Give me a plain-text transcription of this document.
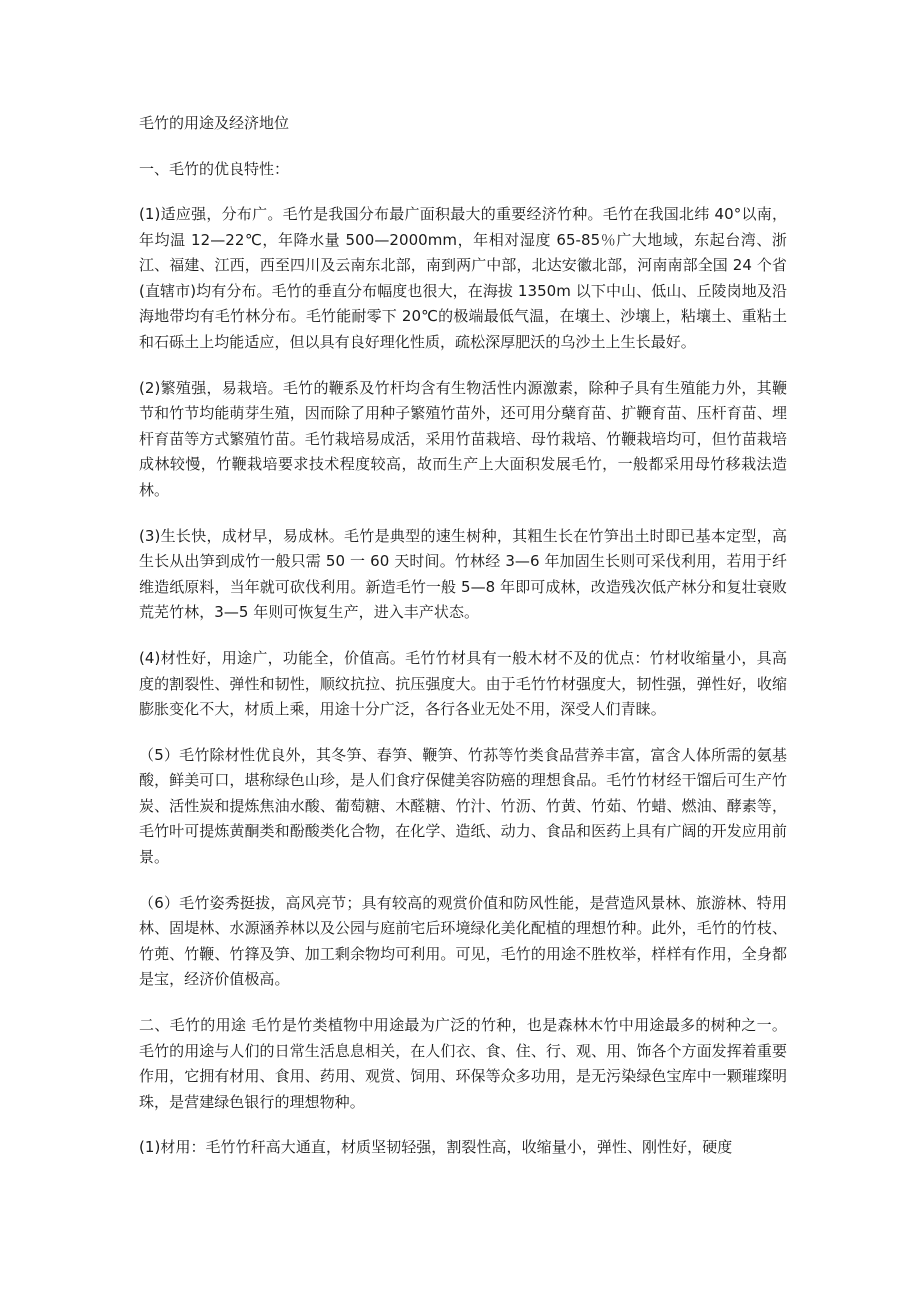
毛竹的用途及经济地位

一、毛竹的优良特性：

(1)适应强，分布广。毛竹是我国分布最广面积最大的重要经济竹种。毛竹在我国北纬 40°以南，年均温 12—22℃，年降水量 500—2000mm，年相对湿度 65-85％广大地域，东起台湾、浙江、福建、江西，西至四川及云南东北部，南到两广中部，北达安徽北部，河南南部全国 24 个省(直辖市)均有分布。毛竹的垂直分布幅度也很大，在海拔 1350m 以下中山、低山、丘陵岗地及沿海地带均有毛竹林分布。毛竹能耐零下 20℃的极端最低气温，在壤土、沙壤上，粘壤土、重粘土和石砾土上均能适应，但以具有良好理化性质，疏松深厚肥沃的乌沙土上生长最好。

(2)繁殖强，易栽培。毛竹的鞭系及竹杆均含有生物活性内源激素，除种子具有生殖能力外，其鞭节和竹节均能萌芽生殖，因而除了用种子繁殖竹苗外，还可用分蘖育苗、扩鞭育苗、压杆育苗、埋杆育苗等方式繁殖竹苗。毛竹栽培易成活，采用竹苗栽培、母竹栽培、竹鞭栽培均可，但竹苗栽培成林较慢，竹鞭栽培要求技术程度较高，故而生产上大面积发展毛竹，一般都采用母竹移栽法造林。

(3)生长快，成材早，易成林。毛竹是典型的速生树种，其粗生长在竹笋出土时即已基本定型，高生长从出笋到成竹一般只需 50 一 60 天时间。竹林经 3—6 年加固生长则可采伐利用，若用于纤维造纸原料，当年就可砍伐利用。新造毛竹一般 5—8 年即可成林，改造残次低产林分和复壮衰败荒芜竹林，3—5 年则可恢复生产，进入丰产状态。

(4)材性好，用途广，功能全，价值高。毛竹竹材具有一般木材不及的优点：竹材收缩量小，具高度的割裂性、弹性和韧性，顺纹抗拉、抗压强度大。由于毛竹竹材强度大，韧性强，弹性好，收缩膨胀变化不大，材质上乘，用途十分广泛，各行各业无处不用，深受人们青睐。

（5）毛竹除材性优良外，其冬笋、春笋、鞭笋、竹荪等竹类食品营养丰富，富含人体所需的氨基酸，鲜美可口，堪称绿色山珍，是人们食疗保健美容防癌的理想食品。毛竹竹材经干馏后可生产竹炭、活性炭和提炼焦油水酸、葡萄糖、木醛糖、竹汁、竹沥、竹黄、竹茹、竹蜡、燃油、酵素等，毛竹叶可提炼黄酮类和酚酸类化合物，在化学、造纸、动力、食品和医药上具有广阔的开发应用前景。

（6）毛竹姿秀挺拔，高风亮节；具有较高的观赏价值和防风性能，是营造风景林、旅游林、特用林、固堤林、水源涵养林以及公园与庭前宅后环境绿化美化配植的理想竹种。此外，毛竹的竹枝、竹蔸、竹鞭、竹箨及笋、加工剩余物均可利用。可见，毛竹的用途不胜枚举，样样有作用，全身都是宝，经济价值极高。

二、毛竹的用途 毛竹是竹类植物中用途最为广泛的竹种，也是森林木竹中用途最多的树种之一。毛竹的用途与人们的日常生活息息相关，在人们衣、食、住、行、观、用、饰各个方面发挥着重要作用，它拥有材用、食用、药用、观赏、饲用、环保等众多功用，是无污染绿色宝库中一颗璀璨明珠，是营建绿色银行的理想物种。

(1)材用：毛竹竹秆高大通直，材质坚韧轻强，割裂性高，收缩量小，弹性、刚性好，硬度
